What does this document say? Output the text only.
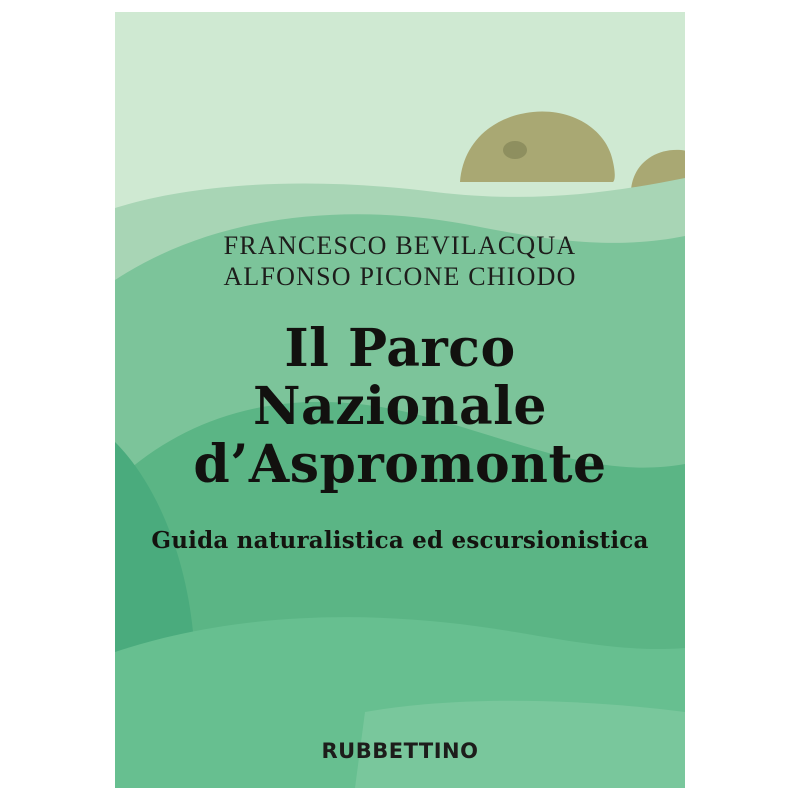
FRANCESCO BEVILACQUA
ALFONSO PICONE CHIODO
Il Parco
Nazionale
d’Aspromonte
Guida naturalistica ed escursionistica
RUBBETTINO
